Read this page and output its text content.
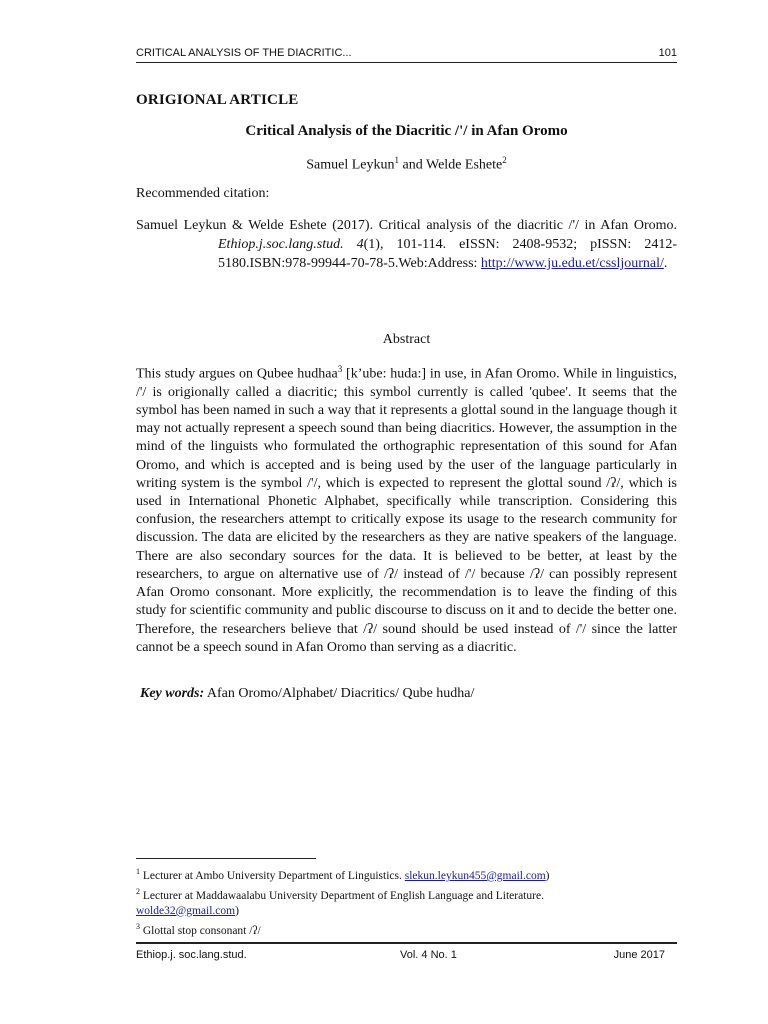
CRITICAL ANALYSIS OF THE DIACRITIC...	101
ORIGIONAL ARTICLE
Critical Analysis of the Diacritic /'/ in Afan Oromo
Samuel Leykun$^1$ and Welde Eshete$^2$
Recommended citation:
Samuel Leykun & Welde Eshete (2017). Critical analysis of the diacritic /'/ in Afan Oromo. Ethiop.j.soc.lang.stud. 4(1), 101-114. eISSN: 2408-9532; pISSN: 2412-5180.ISBN:978-99944-70-78-5.Web:Address: http://www.ju.edu.et/cssljournal/.
Abstract
This study argues on Qubee hudhaa$^3$ [k’ube: huda:] in use, in Afan Oromo. While in linguistics, /'/ is origionally called a diacritic; this symbol currently is called 'qubee'. It seems that the symbol has been named in such a way that it represents a glottal sound in the language though it may not actually represent a speech sound than being diacritics. However, the assumption in the mind of the linguists who formulated the orthographic representation of this sound for Afan Oromo, and which is accepted and is being used by the user of the language particularly in writing system is the symbol /'/, which is expected to represent the glottal sound /ʔ/, which is used in International Phonetic Alphabet, specifically while transcription. Considering this confusion, the researchers attempt to critically expose its usage to the research community for discussion. The data are elicited by the researchers as they are native speakers of the language. There are also secondary sources for the data. It is believed to be better, at least by the researchers, to argue on alternative use of /ʔ/ instead of /'/ because /ʔ/ can possibly represent Afan Oromo consonant. More explicitly, the recommendation is to leave the finding of this study for scientific community and public discourse to discuss on it and to decide the better one. Therefore, the researchers believe that /ʔ/ sound should be used instead of /'/ since the latter cannot be a speech sound in Afan Oromo than serving as a diacritic.
Key words: Afan Oromo/Alphabet/ Diacritics/ Qube hudha/
$^1$ Lecturer at Ambo University Department of Linguistics. slekun.leykun455@gmail.com)
$^2$ Lecturer at Maddawaalabu University Department of English Language and Literature.
wolde32@gmail.com)
$^3$ Glottal stop consonant /ʔ/
Ethiop.j. soc.lang.stud.	Vol. 4 No. 1	June 2017
